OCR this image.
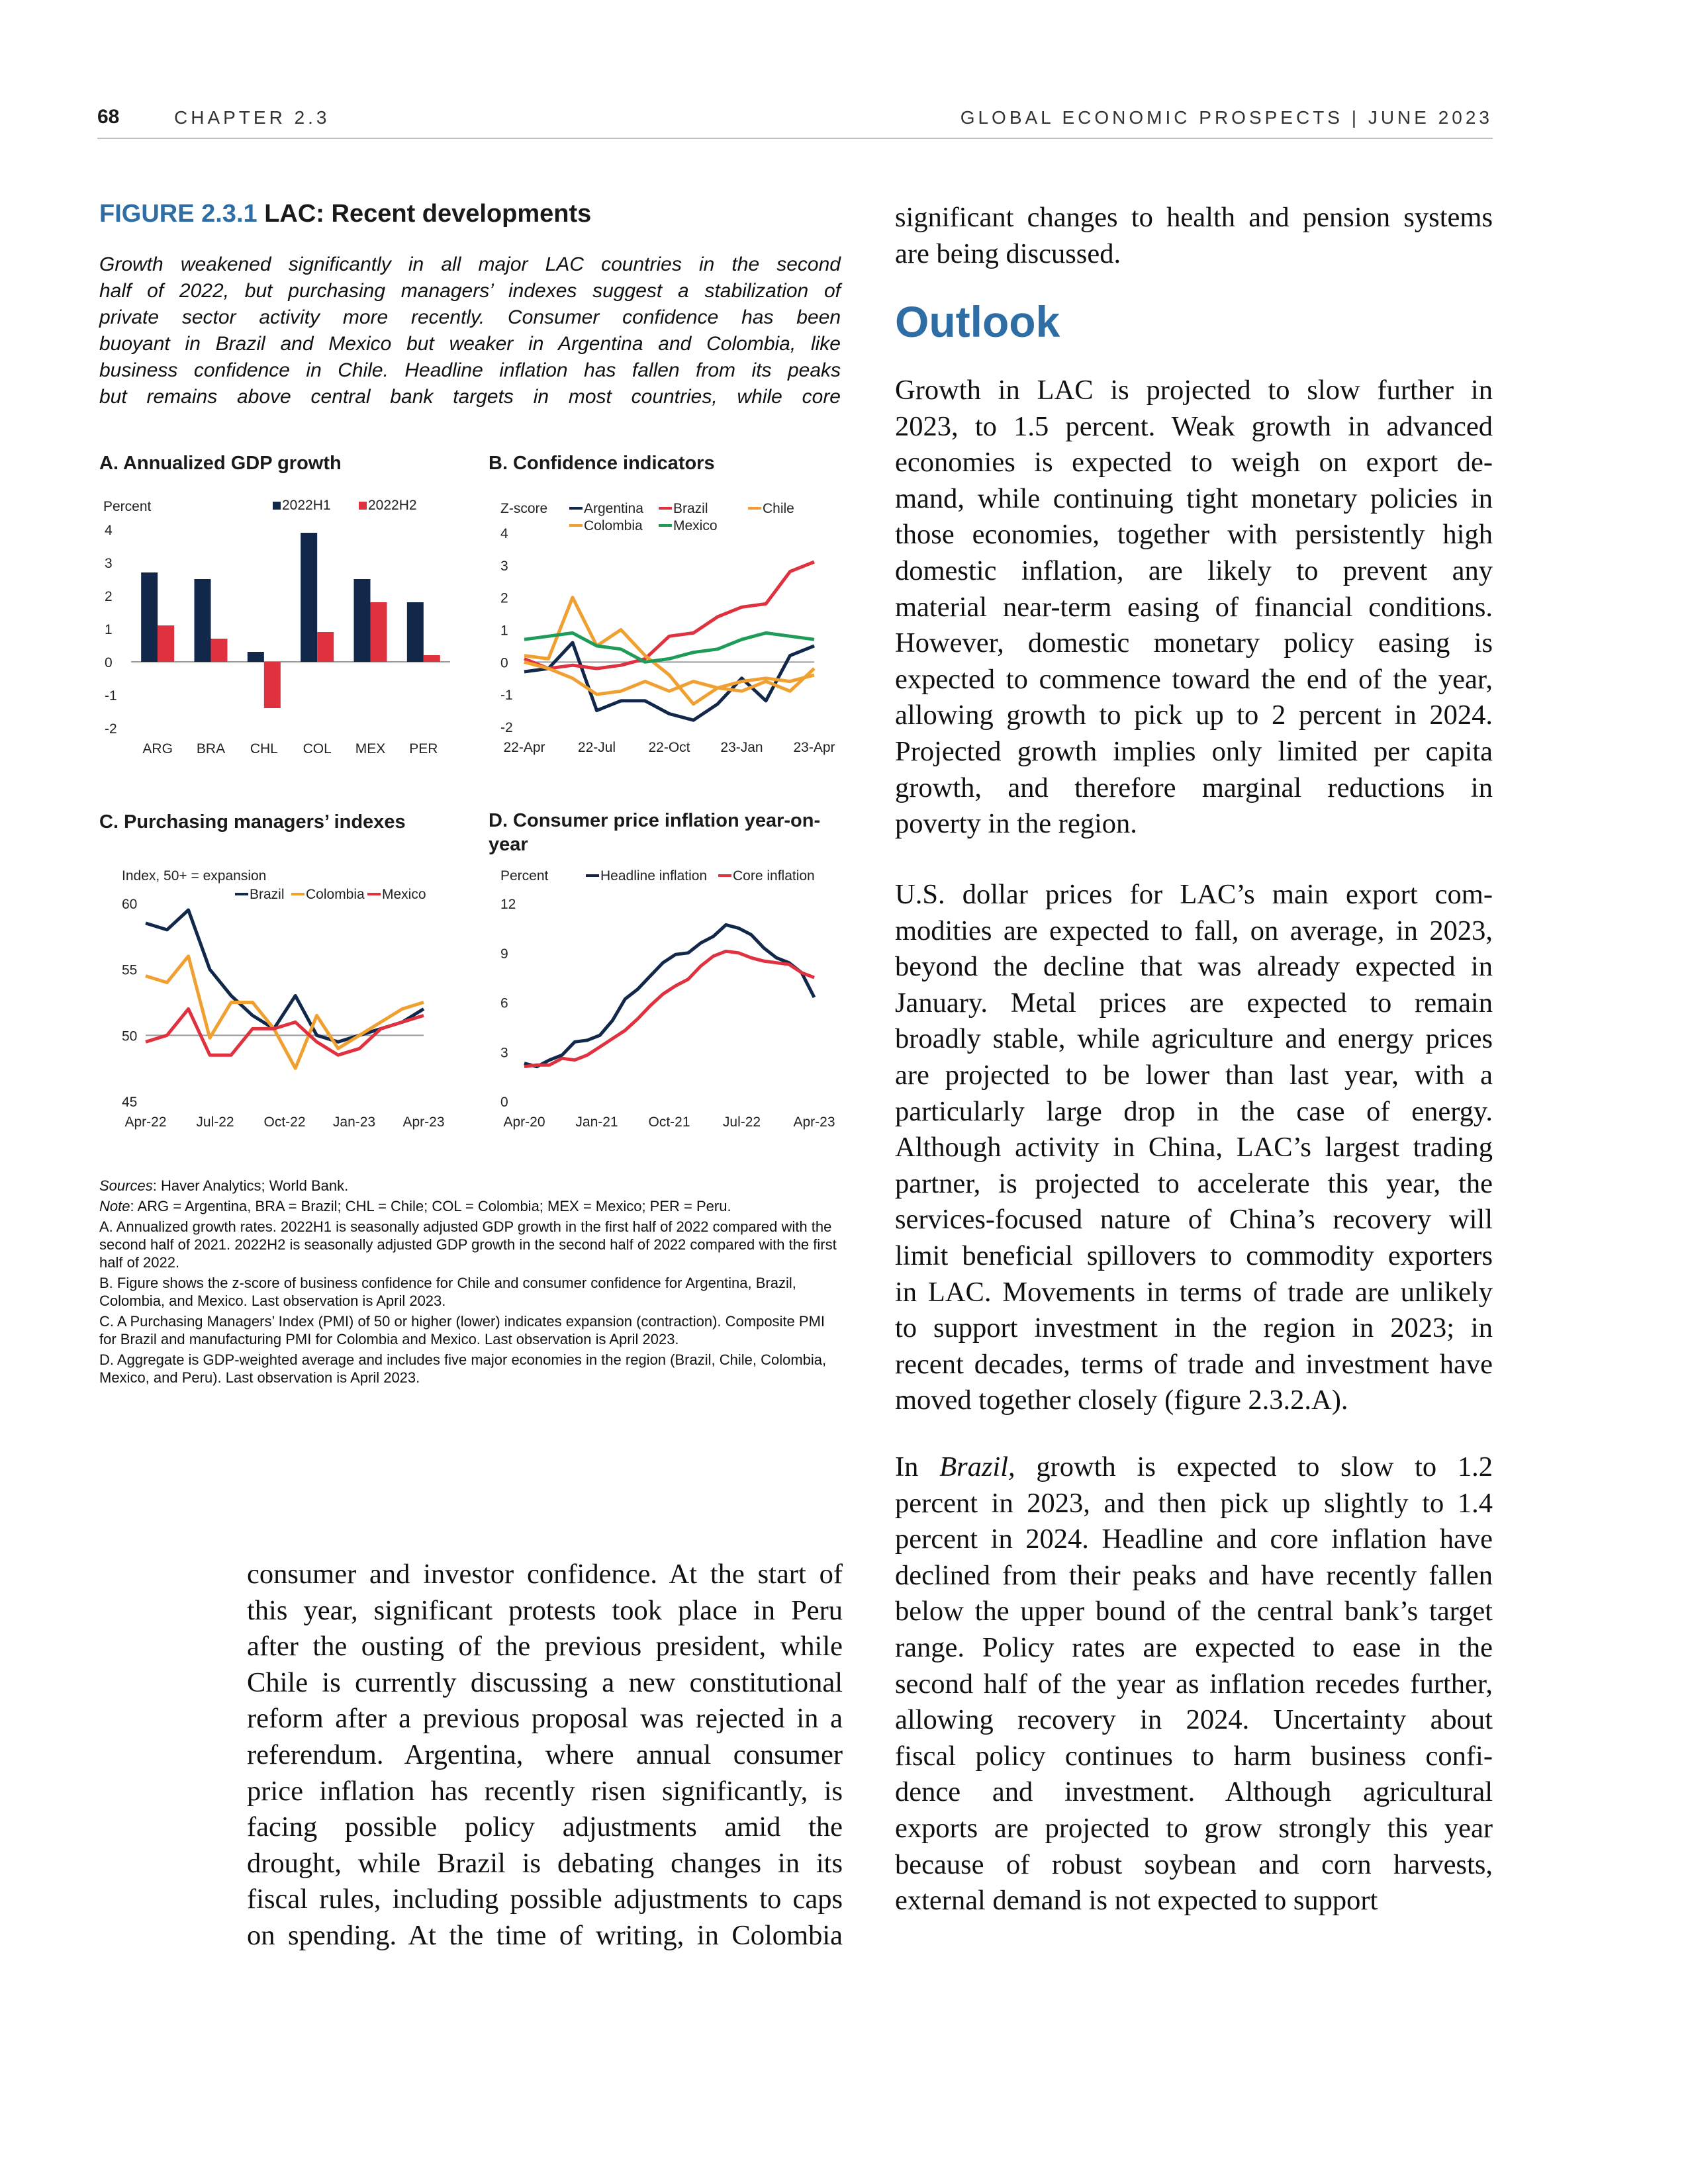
68	CHAPTER 2.3	GLOBAL ECONOMIC PROSPECTS | JUNE 2023
FIGURE 2.3.1 LAC: Recent developments
Growth weakened significantly in all major LAC countries in the second
half of 2022, but purchasing managers’ indexes suggest a stabilization of
private sector activity more recently. Consumer confidence has been
buoyant in Brazil and Mexico but weaker in Argentina and Colombia, like
business confidence in Chile. Headline inflation has fallen from its peaks
but remains above central bank targets in most countries, while core
A. Annualized GDP growth	B. Confidence indicators
C. Purchasing managers’ indexes	D. Consumer price inflation year-on-
year
Percent
4
3
2
1
0
-1
-2
ARG BRA CHL COL MEX PER
2022H1	2022H2	Z-score
4
3
2
1
0
-1
-2
22-Apr 22-Jul 22-Oct 23-Jan 23-Apr
Argentina Brazil	Chile
Colombia Mexico
Index, 50+ = expansion
60
55
50
45
Apr-22 Jul-22 Oct-22 Jan-23 Apr-23
Brazil Colombia Mexico
Percent
12
9
6
3
0
Apr-20 Jan-21 Oct-21 Jul-22 Apr-23
Headline inflation Core inflation

Sources: Haver Analytics; World Bank.

Note: ARG = Argentina, BRA = Brazil; CHL = Chile; COL = Colombia; MEX = Mexico; PER = Peru.

A. Annualized growth rates. 2022H1 is seasonally adjusted GDP growth in the first half of 2022 compared with the second half of 2021. 2022H2 is seasonally adjusted GDP growth in the second half of 2022 compared with the first half of 2022.

B. Figure shows the z-score of business confidence for Chile and consumer confidence for Argentina, Brazil, Colombia, and Mexico. Last observation is April 2023.

C. A Purchasing Managers’ Index (PMI) of 50 or higher (lower) indicates expansion (contraction). Composite PMI for Brazil and manufacturing PMI for Colombia and Mexico. Last observation is April 2023.

D. Aggregate is GDP-weighted average and includes five major economies in the region (Brazil, Chile, Colombia, Mexico, and Peru). Last observation is April 2023.

consumer and investor confidence. At the start of
this year, significant protests took place in Peru
after the ousting of the previous president, while
Chile is currently discussing a new constitutional
reform after a previous proposal was rejected in a
referendum. Argentina, where annual consumer
price inflation has recently risen significantly, is
facing possible policy adjustments amid the
drought, while Brazil is debating changes in its
fiscal rules, including possible adjustments to caps
on spending. At the time of writing, in Colombia
significant changes to health and pension systems
are being discussed.
Outlook
Growth in LAC is projected to slow further in
2023, to 1.5 percent. Weak growth in advanced
economies is expected to weigh on export de-
mand, while continuing tight monetary policies in
those economies, together with persistently high
domestic inflation, are likely to prevent any
material near-term easing of financial conditions.
However, domestic monetary policy easing is
expected to commence toward the end of the year,
allowing growth to pick up to 2 percent in 2024.
Projected growth implies only limited per capita
growth, and therefore marginal reductions in
poverty in the region.
U.S. dollar prices for LAC’s main export com-
modities are expected to fall, on average, in 2023,
beyond the decline that was already expected in
January. Metal prices are expected to remain
broadly stable, while agriculture and energy prices
are projected to be lower than last year, with a
particularly large drop in the case of energy.
Although activity in China, LAC’s largest trading
partner, is projected to accelerate this year, the
services-focused nature of China’s recovery will
limit beneficial spillovers to commodity exporters
in LAC. Movements in terms of trade are unlikely
to support investment in the region in 2023; in
recent decades, terms of trade and investment have
moved together closely (figure 2.3.2.A).
In Brazil, growth is expected to slow to 1.2
percent in 2023, and then pick up slightly to 1.4
percent in 2024. Headline and core inflation have
declined from their peaks and have recently fallen
below the upper bound of the central bank’s target
range. Policy rates are expected to ease in the
second half of the year as inflation recedes further,
allowing recovery in 2024. Uncertainty about
fiscal policy continues to harm business confi-
dence and investment. Although agricultural
exports are projected to grow strongly this year
because of robust soybean and corn harvests,
external demand is not expected to support
